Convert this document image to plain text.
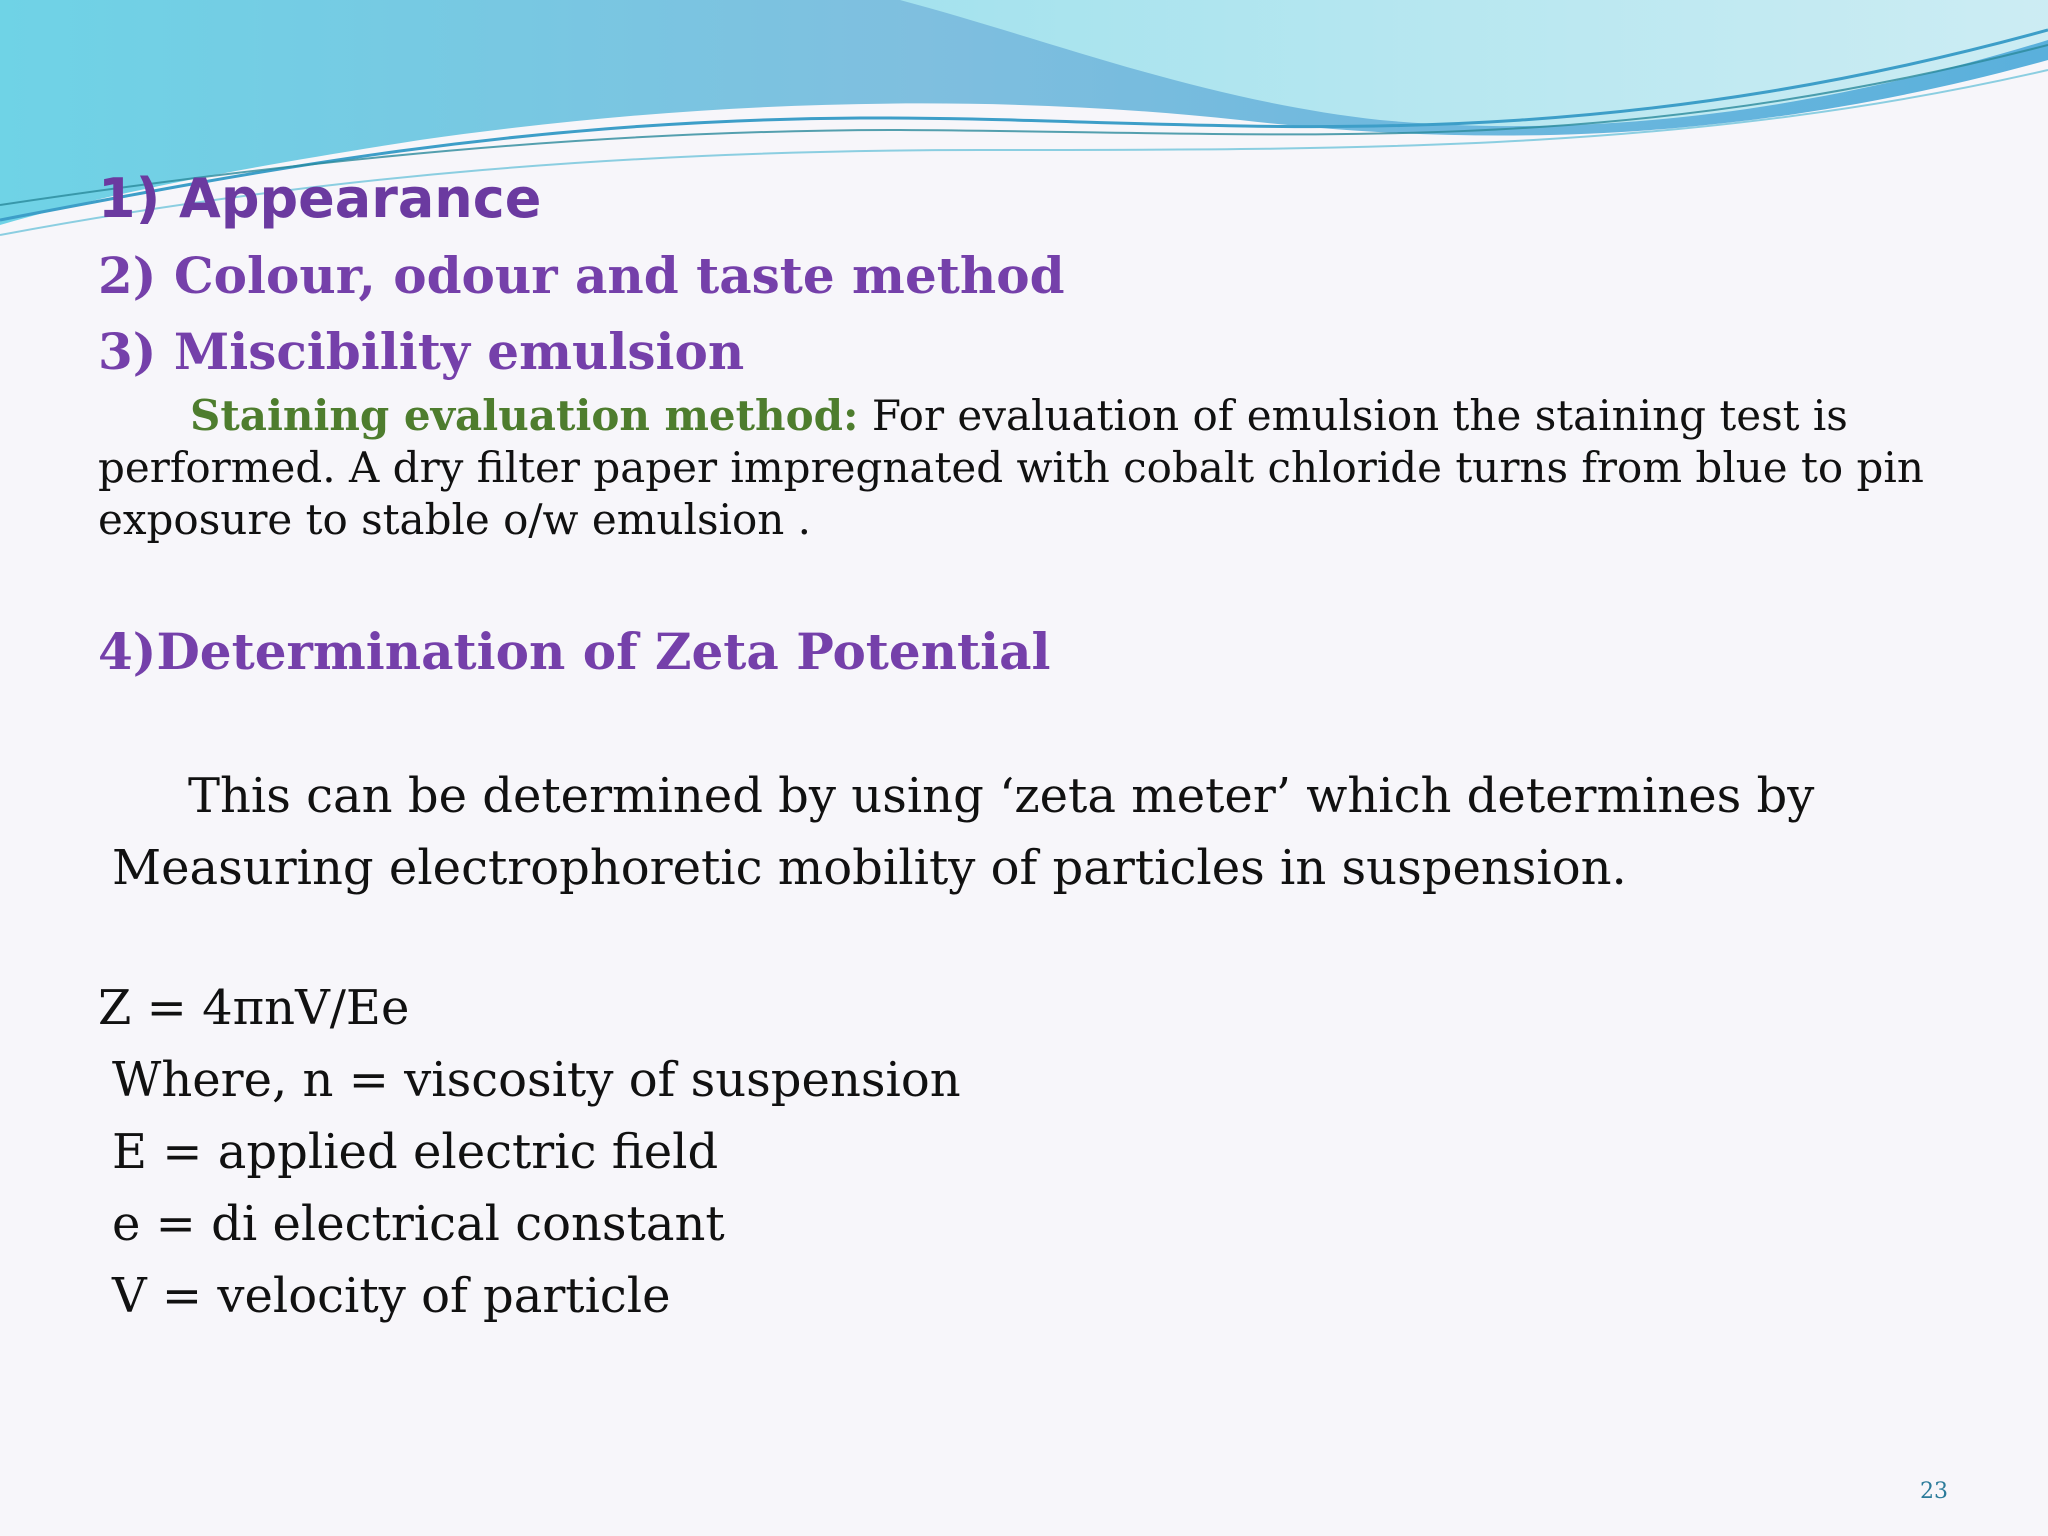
1) Appearance

2) Colour, odour and taste method

3) Miscibility emulsion

Staining evaluation method: For evaluation of emulsion the staining test is performed. A dry filter paper impregnated with cobalt chloride turns from blue to pin exposure to stable o/w emulsion .

4)Determination of Zeta Potential

This can be determined by using ‘zeta meter’ which determines by
Measuring electrophoretic mobility of particles in suspension.

Z = 4πnV/Ee
Where, n = viscosity of suspension
E = applied electric field
e = di electrical constant
V = velocity of particle
23
